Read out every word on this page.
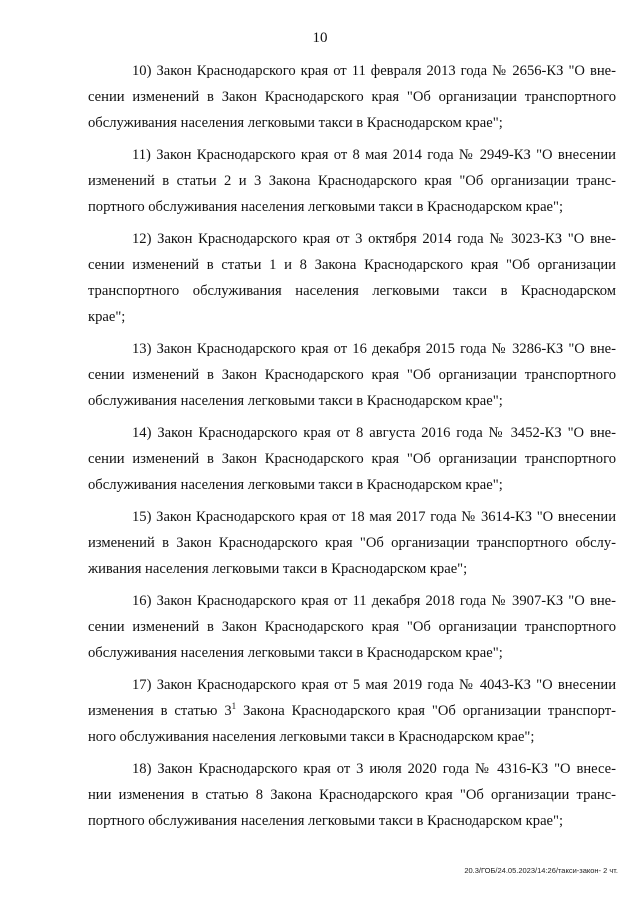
10
10) Закон Краснодарского края от 11 февраля 2013 года № 2656-КЗ "О вне-
сении изменений в Закон Краснодарского края "Об организации транспортного
обслуживания населения легковыми такси в Краснодарском крае";
11) Закон Краснодарского края от 8 мая 2014 года № 2949-КЗ "О внесении
изменений в статьи 2 и 3 Закона Краснодарского края "Об организации транс-
портного обслуживания населения легковыми такси в Краснодарском крае";
12) Закон Краснодарского края от 3 октября 2014 года № 3023-КЗ "О вне-
сении изменений в статьи 1 и 8 Закона Краснодарского края "Об организации
транспортного обслуживания населения легковыми такси в Краснодарском
крае";
13) Закон Краснодарского края от 16 декабря 2015 года № 3286-КЗ "О вне-
сении изменений в Закон Краснодарского края "Об организации транспортного
обслуживания населения легковыми такси в Краснодарском крае";
14) Закон Краснодарского края от 8 августа 2016 года № 3452-КЗ "О вне-
сении изменений в Закон Краснодарского края "Об организации транспортного
обслуживания населения легковыми такси в Краснодарском крае";
15) Закон Краснодарского края от 18 мая 2017 года № 3614-КЗ "О внесении
изменений в Закон Краснодарского края "Об организации транспортного обслу-
живания населения легковыми такси в Краснодарском крае";
16) Закон Краснодарского края от 11 декабря 2018 года № 3907-КЗ "О вне-
сении изменений в Закон Краснодарского края "Об организации транспортного
обслуживания населения легковыми такси в Краснодарском крае";
17) Закон Краснодарского края от 5 мая 2019 года № 4043-КЗ "О внесении
изменения в статью $3^1$ Закона Краснодарского края "Об организации транспорт-
ного обслуживания населения легковыми такси в Краснодарском крае";
18) Закон Краснодарского края от 3 июля 2020 года № 4316-КЗ "О внесе-
нии изменения в статью 8 Закона Краснодарского края "Об организации транс-
портного обслуживания населения легковыми такси в Краснодарском крае";
20.3/ГОБ/24.05.2023/14:26/такси-закон- 2 чт.
